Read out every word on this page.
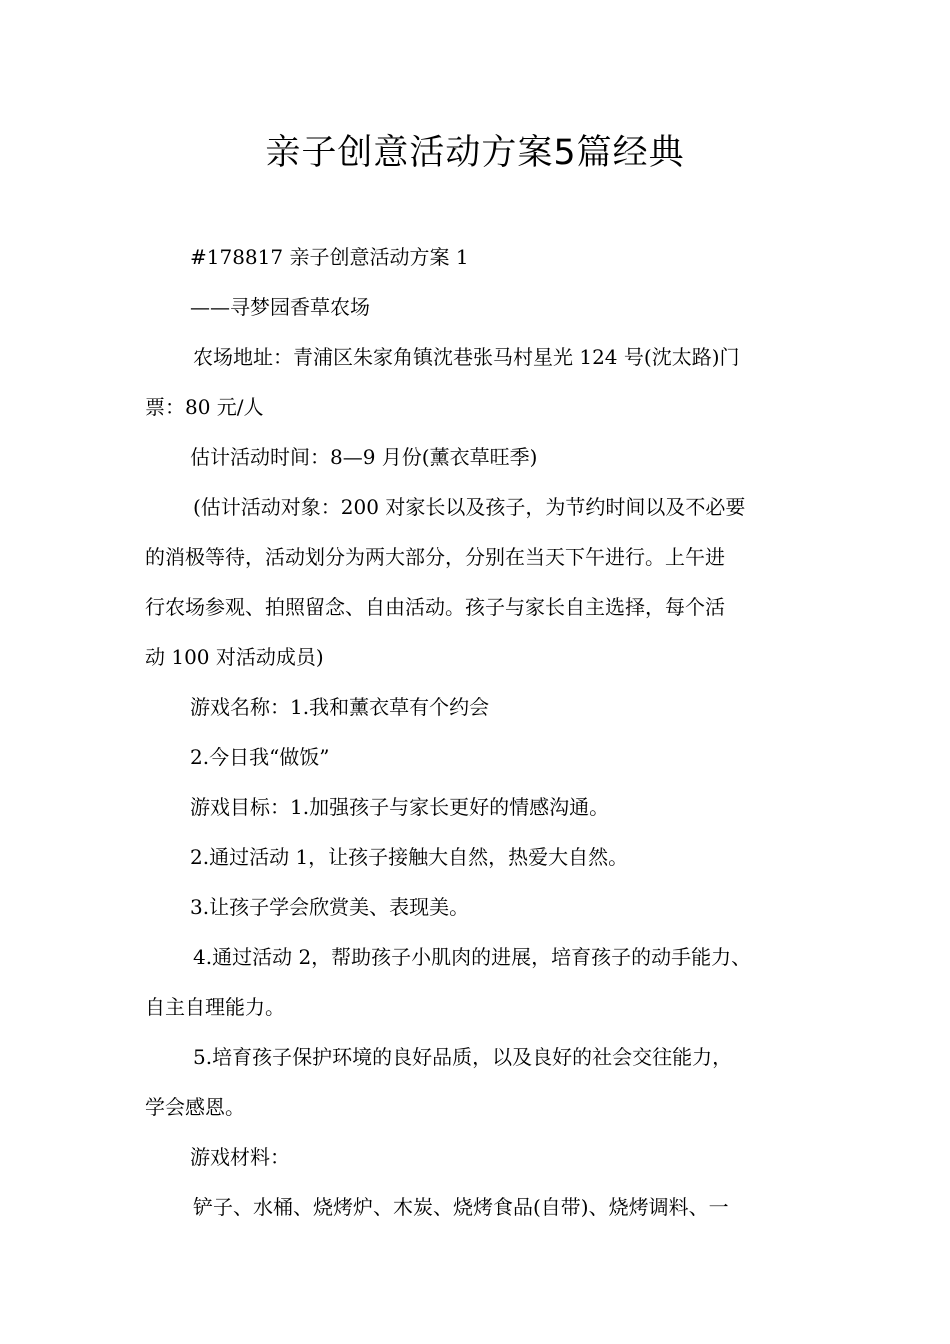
亲子创意活动方案5篇经典

#178817 亲子创意活动方案 1

——寻梦园香草农场

农场地址：青浦区朱家角镇沈巷张马村星光 124 号(沈太路)门

票：80 元/人

估计活动时间：8—9 月份(薰衣草旺季)

(估计活动对象：200 对家长以及孩子，为节约时间以及不必要

的消极等待，活动划分为两大部分，分别在当天下午进行。上午进

行农场参观、拍照留念、自由活动。孩子与家长自主选择，每个活

动 100 对活动成员)

游戏名称：1.我和薰衣草有个约会

2.今日我“做饭”

游戏目标：1.加强孩子与家长更好的情感沟通。

2.通过活动 1，让孩子接触大自然，热爱大自然。

3.让孩子学会欣赏美、表现美。

4.通过活动 2，帮助孩子小肌肉的进展，培育孩子的动手能力、

自主自理能力。

5.培育孩子保护环境的良好品质，以及良好的社会交往能力，

学会感恩。

游戏材料：

铲子、水桶、烧烤炉、木炭、烧烤食品(自带)、烧烤调料、一
